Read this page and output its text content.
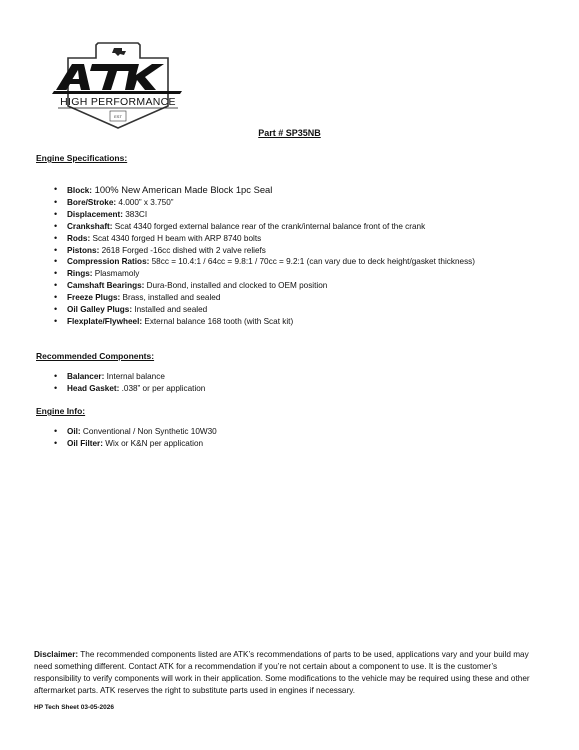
HIGH PERFORMANCE
EST
Part # SP35NB
Engine Specifications:
• Block: 100% New American Made Block 1pc Seal
• Bore/Stroke: 4.000” x 3.750”
• Displacement: 383CI
• Crankshaft: Scat 4340 forged external balance rear of the crank/internal balance front of the crank
• Rods: Scat 4340 forged H beam with ARP 8740 bolts
• Pistons: 2618 Forged -16cc dished with 2 valve reliefs
• Compression Ratios: 58cc = 10.4:1 / 64cc = 9.8:1 / 70cc = 9.2:1 (can vary due to deck height/gasket thickness)
• Rings: Plasmamoly
• Camshaft Bearings: Dura-Bond, installed and clocked to OEM position
• Freeze Plugs: Brass, installed and sealed
• Oil Galley Plugs: Installed and sealed
• Flexplate/Flywheel: External balance 168 tooth (with Scat kit)
Recommended Components:
• Balancer: Internal balance
• Head Gasket: .038” or per application
Engine Info:
• Oil: Conventional / Non Synthetic 10W30
• Oil Filter: Wix or K&N per application
Disclaimer: The recommended components listed are ATK’s recommendations of parts to be used, applications vary and your build may need something different. Contact ATK for a recommendation if you’re not certain about a component to use. It is the customer’s responsibility to verify components will work in their application. Some modifications to the vehicle may be required using these and other aftermarket parts. ATK reserves the right to substitute parts used in engines if necessary.
HP Tech Sheet 03-05-2026
